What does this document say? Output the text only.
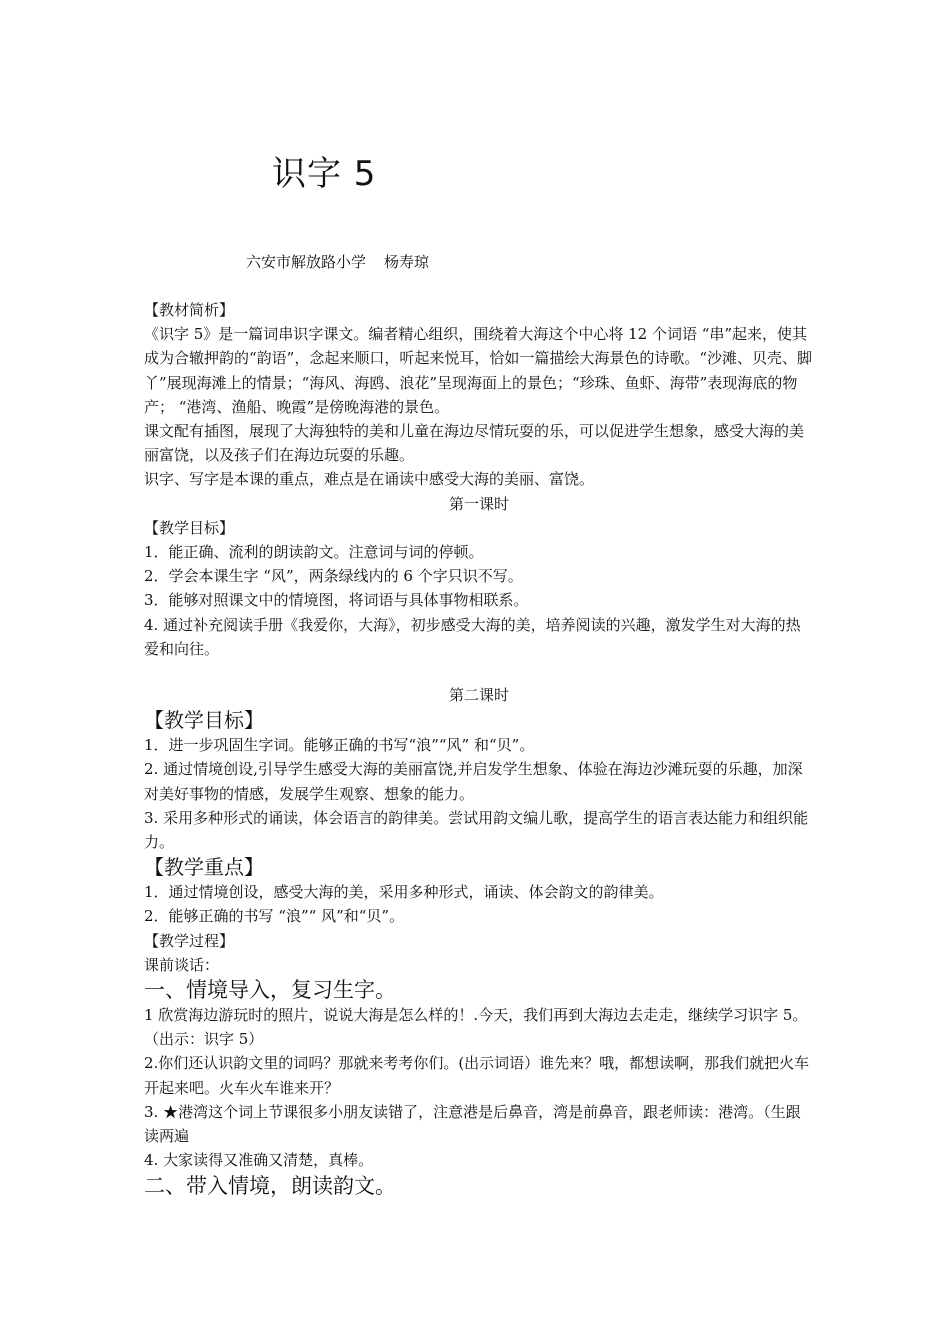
识字 5
六安市解放路小学 杨寿琼

【教材简析】

《识字 5》是一篇词串识字课文。编者精心组织，围绕着大海这个中心将 12 个词语 “串”起来，使其成为合辙押韵的“韵语”，念起来顺口，听起来悦耳，恰如一篇描绘大海景色的诗歌。“沙滩、贝壳、脚丫”展现海滩上的情景；“海风、海鸥、浪花”呈现海面上的景色；“珍珠、鱼虾、海带”表现海底的物产； “港湾、渔船、晚霞”是傍晚海港的景色。

课文配有插图，展现了大海独特的美和儿童在海边尽情玩耍的乐，可以促进学生想象，感受大海的美丽富饶，以及孩子们在海边玩耍的乐趣。

识字、写字是本课的重点，难点是在诵读中感受大海的美丽、富饶。

第一课时

【教学目标】

1．能正确、流利的朗读韵文。注意词与词的停顿。

2．学会本课生字 “风”，两条绿线内的 6 个字只识不写。

3．能够对照课文中的情境图，将词语与具体事物相联系。

4. 通过补充阅读手册《我爱你，大海》，初步感受大海的美，培养阅读的兴趣，激发学生对大海的热爱和向往。

第二课时

【教学目标】

1．进一步巩固生字词。能够正确的书写“浪”“风” 和“贝”。

2. 通过情境创设,引导学生感受大海的美丽富饶,并启发学生想象、体验在海边沙滩玩耍的乐趣，加深对美好事物的情感，发展学生观察、想象的能力。

3. 采用多种形式的诵读，体会语言的韵律美。尝试用韵文编儿歌，提高学生的语言表达能力和组织能力。

【教学重点】

1．通过情境创设，感受大海的美，采用多种形式，诵读、体会韵文的韵律美。

2．能够正确的书写 “浪”“ 风”和“贝”。

【教学过程】

课前谈话：

一、情境导入，复习生字。

1 欣赏海边游玩时的照片，说说大海是怎么样的！.今天，我们再到大海边去走走，继续学习识字 5。（出示：识字 5）

2.你们还认识韵文里的词吗？那就来考考你们。(出示词语）谁先来？哦，都想读啊，那我们就把火车开起来吧。火车火车谁来开？

3. ★港湾这个词上节课很多小朋友读错了，注意港是后鼻音，湾是前鼻音，跟老师读：港湾。（生跟读两遍

4. 大家读得又准确又清楚，真棒。

二、带入情境，朗读韵文。
